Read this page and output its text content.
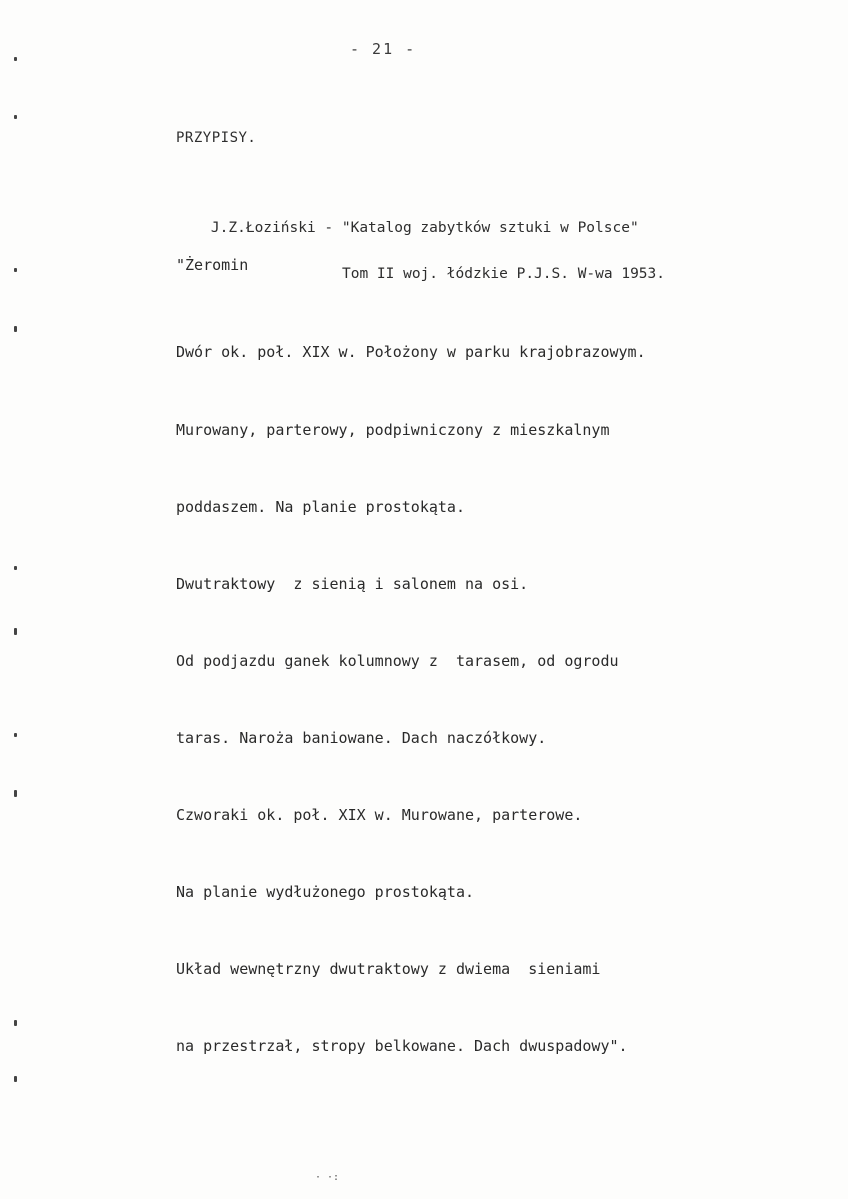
- 21 -
PRZYPISY.

J.Z.Łoziński - "Katalog zabytków sztuki w Polsce"

Tom II woj. łódzkie P.J.S. W-wa 1953.

"Żeromin

Dwór ok. poł. XIX w. Położony w parku krajobrazowym.

Murowany, parterowy, podpiwniczony z mieszkalnym

poddaszem. Na planie prostokąta.

Dwutraktowy  z sienią i salonem na osi.

Od podjazdu ganek kolumnowy z  tarasem, od ogrodu

taras. Naroża baniowane. Dach naczółkowy.

Czworaki ok. poł. XIX w. Murowane, parterowe.

Na planie wydłużonego prostokąta.

Układ wewnętrzny dwutraktowy z dwiema  sieniami

na przestrzał, stropy belkowane. Dach dwuspadowy".

· ·:
